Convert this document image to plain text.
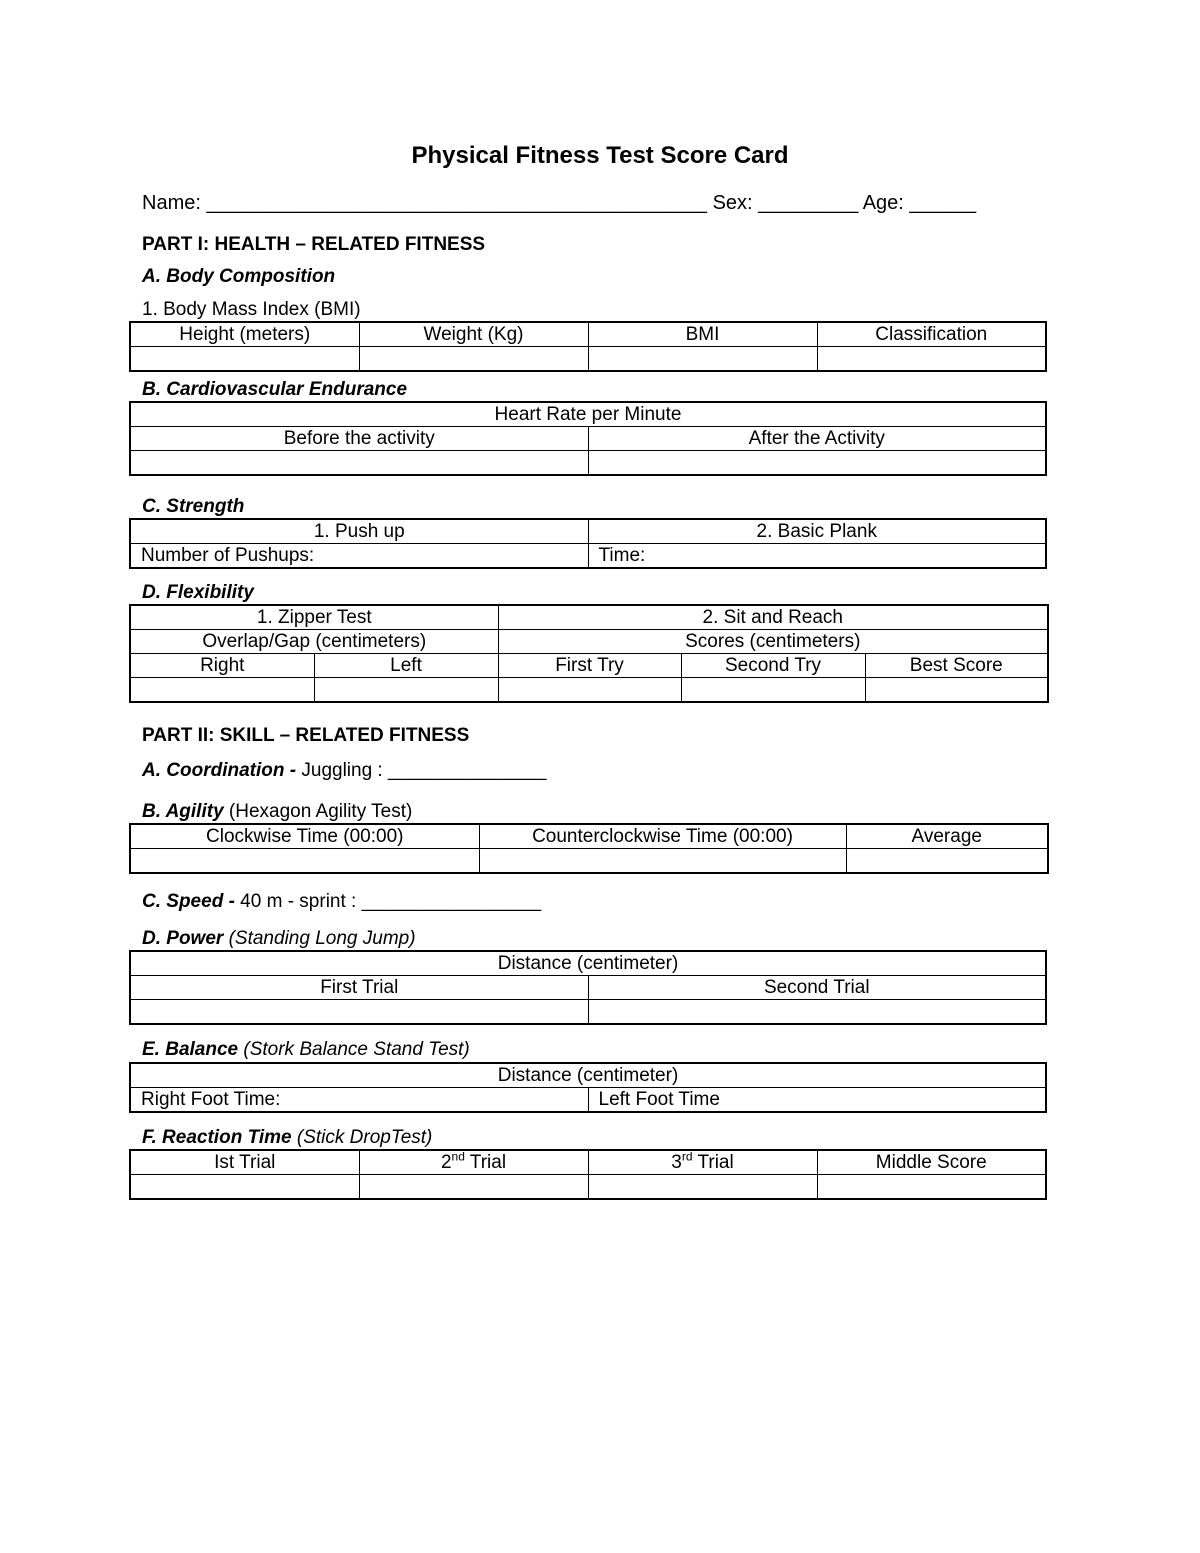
Physical Fitness Test Score Card
Name: _____________________________________________ Sex: _________ Age: ______
PART I: HEALTH – RELATED FITNESS
A. Body Composition
1. Body Mass Index (BMI)
Height (meters)	Weight (Kg)	BMI	Classification

B. Cardiovascular Endurance
Heart Rate per Minute	
Before the activity	After the Activity

C. Strength
1. Push up	2. Basic Plank
Number of Pushups:	Time:
D. Flexibility
1. Zipper Test		2. Sit and Reach		
Overlap/Gap (centimeters)		Scores (centimeters)		
Right	Left	First Try	Second Try	Best Score

PART II: SKILL – RELATED FITNESS
A. Coordination - Juggling : _______________
B. Agility (Hexagon Agility Test)
Clockwise Time (00:00)	Counterclockwise Time (00:00)	Average

C. Speed - 40 m - sprint : _________________
D. Power (Standing Long Jump)
Distance (centimeter)	
First Trial	Second Trial

E. Balance (Stork Balance Stand Test)
Distance (centimeter)
Right Foot Time:	Left Foot Time
F. Reaction Time (Stick DropTest)
Ist Trial	2nd Trial	3rd Trial	Middle Score
